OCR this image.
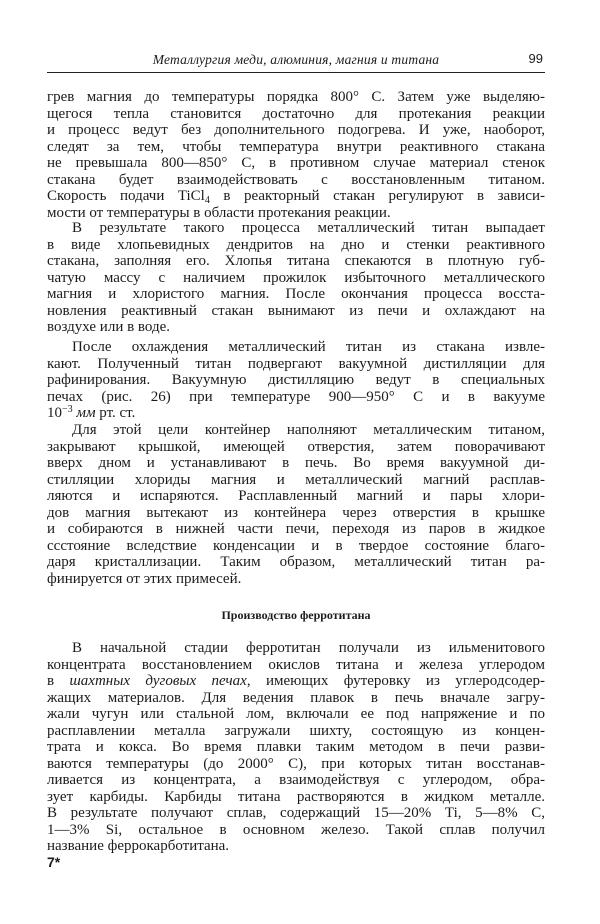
Металлургия меди, алюминия, магния и титана	99
грев магния до температуры порядка 800° С. Затем уже выделяю-
щегося тепла становится достаточно для протекания реакции
и процесс ведут без дополнительного подогрева. И уже, наоборот,
следят за тем, чтобы температура внутри реактивного стакана
не превышала 800—850° С, в противном случае материал стенок
стакана будет взаимодействовать с восстановленным титаном.
Скорость подачи TiCl$_4$ в реакторный стакан регулируют в зависи-
мости от температуры в области протекания реакции.
В результате такого процесса металлический титан выпадает
в виде хлопьевидных дендритов на дно и стенки реактивного
стакана, заполняя его. Хлопья титана спекаются в плотную губ-
чатую массу с наличием прожилок избыточного металлического
магния и хлористого магния. После окончания процесса восста-
новления реактивный стакан вынимают из печи и охлаждают на
воздухе или в воде.
После охлаждения металлический титан из стакана извле-
кают. Полученный титан подвергают вакуумной дистилляции для
рафинирования. Вакуумную дистилляцию ведут в специальных
печах (рис. 26) при температуре 900—950° С и в вакууме
$10^{-3}$ мм рт. ст.
Для этой цели контейнер наполняют металлическим титаном,
закрывают крышкой, имеющей отверстия, затем поворачивают
вверх дном и устанавливают в печь. Во время вакуумной ди-
стилляции хлориды магния и металлический магний расплав-
ляются и испаряются. Расплавленный магний и пары хлори-
дов магния вытекают из контейнера через отверстия в крышке
и собираются в нижней части печи, переходя из паров в жидкое
ссстояние вследствие конденсации и в твердое состояние благо-
даря кристаллизации. Таким образом, металлический титан ра-
финируется от этих примесей.
Производство ферротитана
В начальной стадии ферротитан получали из ильменитового
концентрата восстановлением окислов титана и железа углеродом
в шахтных дуговых печах, имеющих футеровку из углеродсодер-
жащих материалов. Для ведения плавок в печь вначале загру-
жали чугун или стальной лом, включали ее под напряжение и по
расплавлении металла загружали шихту, состоящую из концен-
трата и кокса. Во время плавки таким методом в печи разви-
ваются температуры (до 2000° С), при которых титан восстанав-
ливается из концентрата, а взаимодействуя с углеродом, обра-
зует карбиды. Карбиды титана растворяются в жидком металле.
В результате получают сплав, содержащий 15—20% Ti, 5—8% С,
1—3% Si, остальное в основном железо. Такой сплав получил
название феррокарботитана.
7*
